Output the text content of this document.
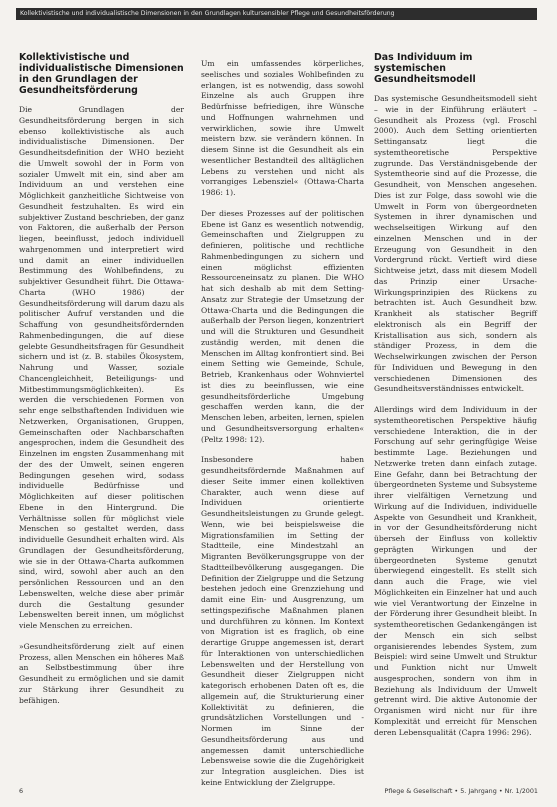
Kollektivistische und individualistische Dimensionen in den Grundlagen kultursensibler Pflege und Gesundheitsförderung
Kollektivistische und individualistische Dimensionen in den Grundlagen der Gesundheitsförderung

Die Grundlagen der Gesundheitsförderung bergen in sich ebenso kollektivistische als auch individualistische Dimensionen. Der Gesundheitsdefinition der WHO bezieht die Umwelt sowohl der in Form von sozialer Umwelt mit ein, sind aber am Individuum an und verstehen eine Möglichkeit ganzheitliche Sichtweise von Gesundheit festzuhalten. Es wird ein subjektiver Zustand beschrieben, der ganz von Faktoren, die außerhalb der Person liegen, beeinflusst, jedoch individuell wahrgenommen und interpretiert wird und damit an einer individuellen Bestimmung des Wohlbefindens, zu subjektiver Gesundheit führt. Die Ottawa-Charta (WHO 1986) der Gesundheitsförderung will darum dazu als politischer Aufruf verstanden und die Schaffung von gesundheitsfördernden Rahmenbedingungen, die auf diese gelebte Gesundheitsfragen für Gesundheit sichern und ist (z. B. stabiles Ökosystem, Nahrung und Wasser, soziale Chancengleichheit, Beteiligungs- und Mitbestimmungsmöglichkeiten). Es werden die verschiedenen Formen von sehr enge selbsthaftenden Individuen wie Netzwerken, Organisationen, Gruppen, Gemeinschaften oder Nachbarschaften angesprochen, indem die Gesundheit des Einzelnen im engsten Zusammenhang mit der des der Umwelt, seinen engeren Bedingungen gesehen wird, sodass individuelle Bedürfnisse und Möglichkeiten auf dieser politischen Ebene in den Hintergrund. Die Verhältnisse sollen für möglichst viele Menschen so gestaltet werden, dass individuelle Gesundheit erhalten wird. Als Grundlagen der Gesundheitsförderung, wie sie in der Ottawa-Charta aufkommen sind, wird, sowohl aber auch an den persönlichen Ressourcen und an den Lebenswelten, welche diese aber primär durch die Gestaltung gesunder Lebenswelten bereit innen, um möglichst viele Menschen zu erreichen.

»Gesundheitsförderung zielt auf einen Prozess, allen Menschen ein höheres Maß an Selbstbestimmung über ihre Gesundheit zu ermöglichen und sie damit zur Stärkung ihrer Gesundheit zu befähigen.

Um ein umfassendes körperliches, seelisches und soziales Wohlbefinden zu erlangen, ist es notwendig, dass sowohl Einzelne als auch Gruppen ihre Bedürfnisse befriedigen, ihre Wünsche und Hoffnungen wahrnehmen und verwirklichen, sowie ihre Umwelt meistern bzw. sie verändern können. In diesem Sinne ist die Gesundheit als ein wesentlicher Bestandteil des alltäglichen Lebens zu verstehen und nicht als vorrangiges Lebensziel« (Ottawa-Charta 1986: 1).

Der dieses Prozesses auf der politischen Ebene ist Ganz es wesentlich notwendig, Gemeinschaften und Zielgruppen zu definieren, politische und rechtliche Rahmenbedingungen zu sichern und einen möglichst effizienten Ressourceneinsatz zu planen. Die WHO hat sich deshalb ab mit dem Setting-Ansatz zur Strategie der Umsetzung der Ottawa-Charta und die Bedingungen die außerhalb der Person liegen, konzentriert und will die Strukturen und Gesundheit zuständig werden, mit denen die Menschen im Alltag konfrontiert sind. Bei einem Setting wie Gemeinde, Schule, Betrieb, Krankenhaus oder Wohnviertel ist dies zu beeinflussen, wie eine gesundheitsförderliche Umgebung geschaffen werden kann, die der Menschen leben, arbeiten, lernen, spielen und Gesundheitsversorgung erhalten« (Peltz 1998: 12).

Insbesondere haben gesundheitsfördernde Maßnahmen auf dieser Seite immer einen kollektiven Charakter, auch wenn diese auf Individuen orientierte Gesundheitsleistungen zu Grunde gelegt. Wenn, wie bei beispielsweise die Migrationsfamilien im Setting der Stadtteile, eine Mindestzahl an Migranten Bevölkerungsgruppe von der Stadtteilbevölkerung ausgegangen. Die Definition der Zielgruppe und die Setzung bestehen jedoch eine Grenzziehung und damit eine Ein- und Ausgrenzung, um settingspezifische Maßnahmen planen und durchführen zu können. Im Kontext von Migration ist es fraglich, ob eine derartige Gruppe angemessen ist, derart für Interaktionen von unterschiedlichen Lebenswelten und der Herstellung von Gesundheit dieser Zielgruppen nicht kategorisch erhobenen Daten oft es, die allgemein auf, die Strukturierung einer Kollektivität zu definieren, die grundsätzlichen Vorstellungen und -Normen im Sinne der Gesundheitsförderung aus und angemessen damit unterschiedliche Lebensweise sowie die die Zugehörigkeit zur Integration ausgleichen. Dies ist keine Entwicklung der Zielgruppe.

Das Individuum im systemischen Gesundheitsmodell

Das systemische Gesundheitsmodell sieht – wie in der Einführung erläutert – Gesundheit als Prozess (vgl. Froschl 2000). Auch dem Setting orientierten Settingansatz liegt die systemtheoretische Perspektive zugrunde. Das Verständnisgebende der Systemtheorie sind auf die Prozesse, die Gesundheit, von Menschen angesehen. Dies ist zur Folge, dass sowohl wie die Umwelt in Form von übergeordneten Systemen in ihrer dynamischen und wechselseitigen Wirkung auf den einzelnen Menschen und in der Erzeugung von Gesundheit in den Vordergrund rückt. Vertieft wird diese Sichtweise jetzt, dass mit diesem Modell das Prinzip einer Ursache-Wirkungsprinzipien des Rückens zu betrachten ist. Auch Gesundheit bzw. Krankheit als statischer Begriff elektronisch als ein Begriff der Kristallisation aus sich, sondern als ständiger Prozess, in dem die Wechselwirkungen zwischen der Person für Individuen und Bewegung in den verschiedenen Dimensionen des Gesundheitsverständnisses entwickelt.

Allerdings wird dem Individuum in der systemtheoretischen Perspektive häufig verschiedene Interaktion, die in der Forschung auf sehr geringfügige Weise bestimmte Lage. Beziehungen und Netzwerke treten dann einfach zutage. Eine Gefahr, dann bei Betrachtung der übergeordneten Systeme und Subsysteme ihrer vielfältigen Vernetzung und Wirkung auf die Individuen, individuelle Aspekte von Gesundheit und Krankheit, in vor der Gesundheitsförderung nicht überseh der Einfluss von kollektiv geprägten Wirkungen und der übergeordneten Systeme genutzt überwiegend eingestellt. Es stellt sich dann auch die Frage, wie viel Möglichkeiten ein Einzelner hat und auch wie viel Verantwortung der Einzelne in der Förderung ihrer Gesundheit bleibt. In systemtheoretischen Gedankengängen ist der Mensch ein sich selbst organisierendes lebendes System, zum Beispiel: wird seine Umwelt und Struktur und Funktion nicht nur Umwelt ausgesprochen, sondern von ihm in Beziehung als Individuum der Umwelt getrennt wird. Die aktive Autonomie der Organismen wird nicht nur für ihre Komplexität und erreicht für Menschen deren Lebensqualität (Capra 1996: 296).

6	Pflege & Gesellschaft • 5. Jahrgang • Nr. 1/2001
